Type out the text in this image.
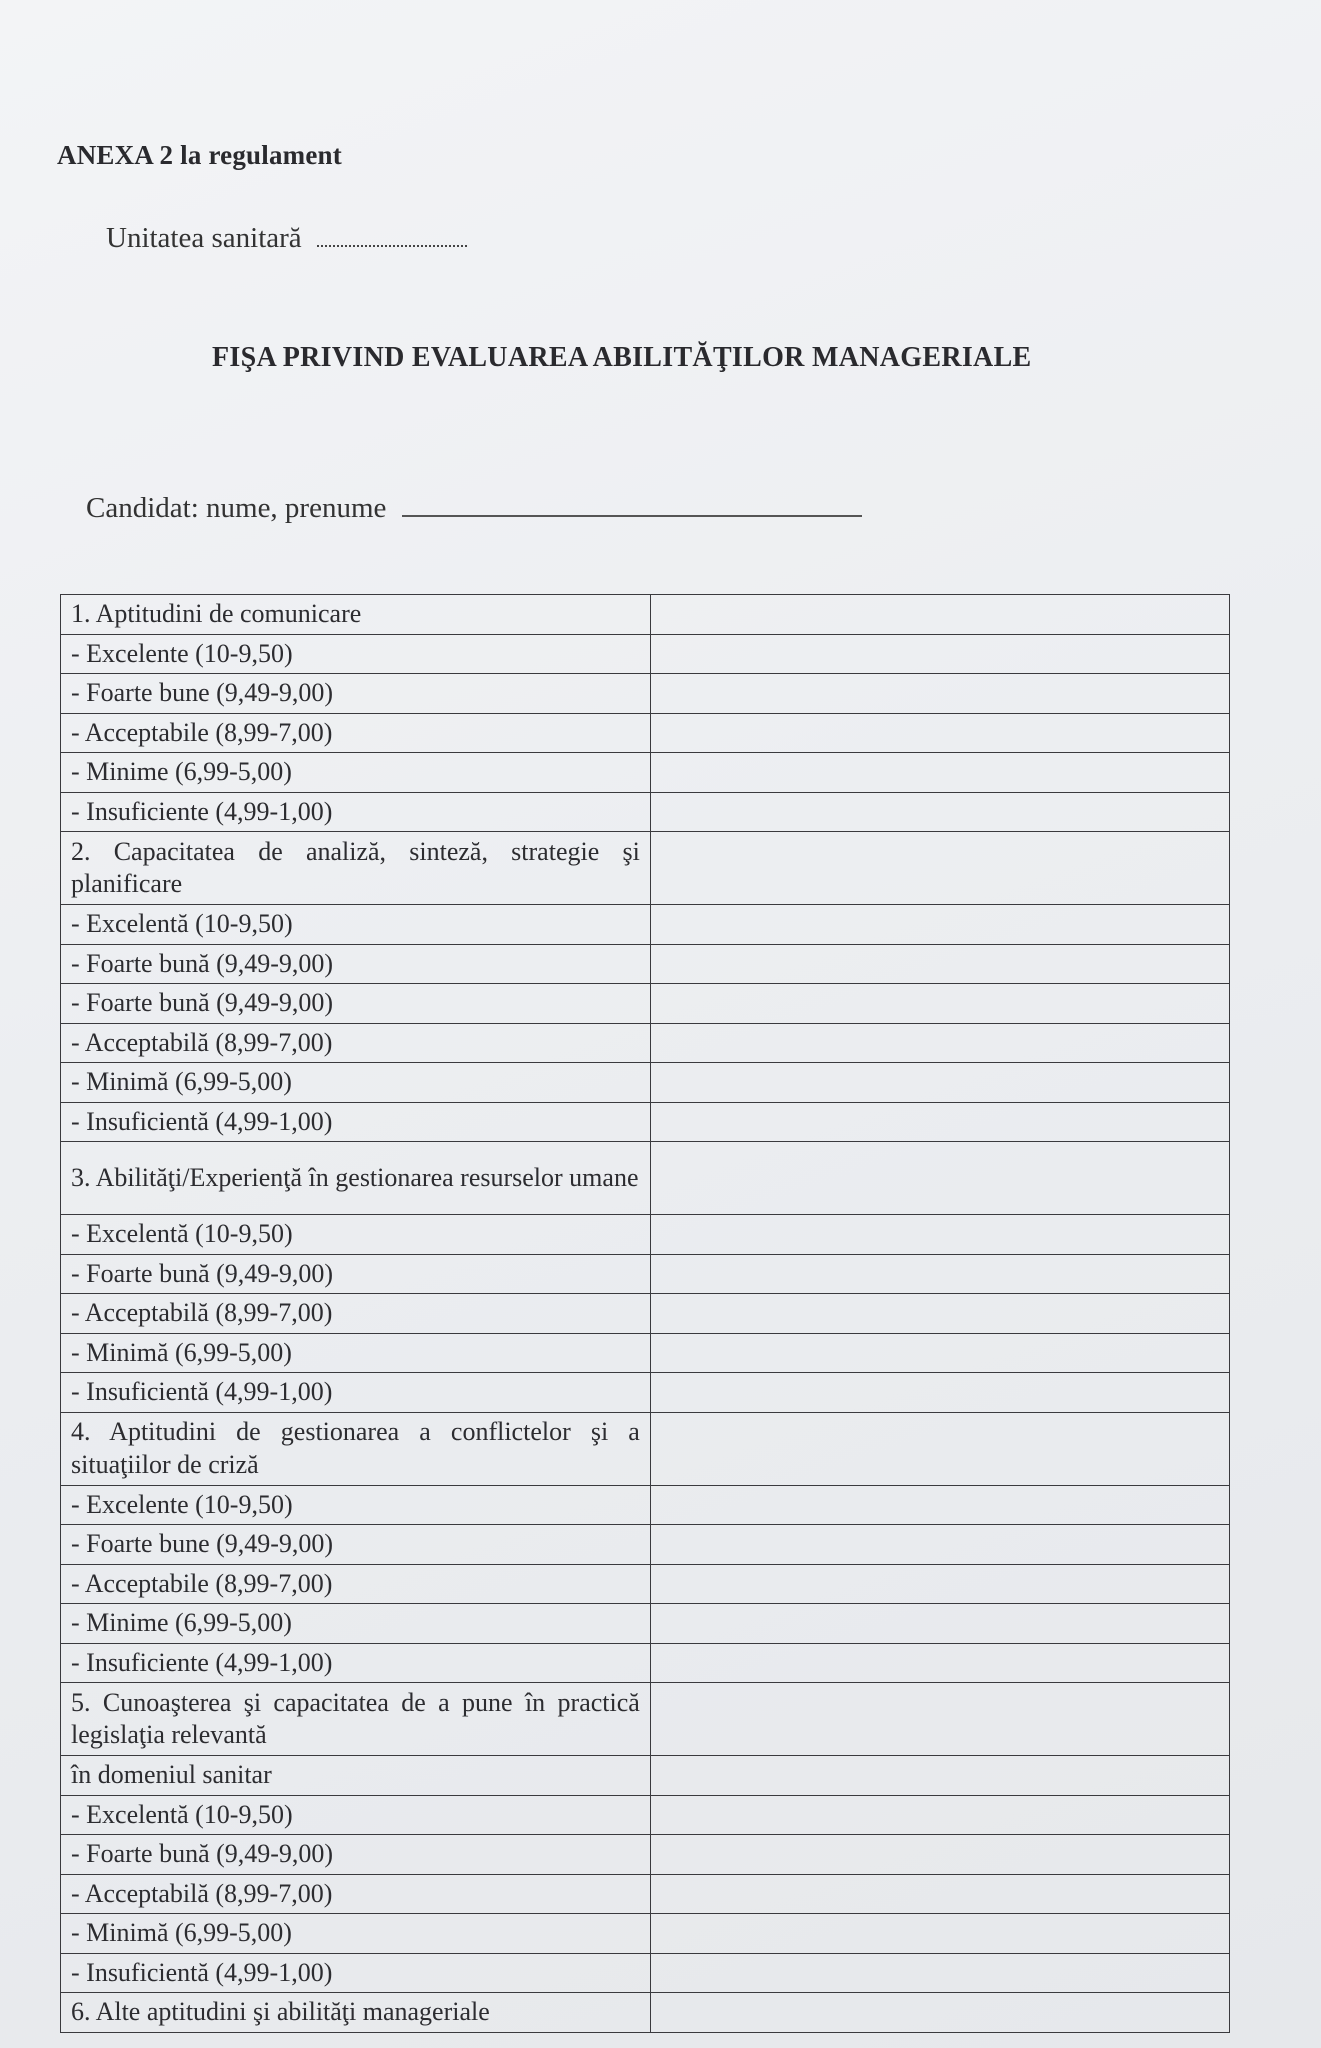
ANEXA 2 la regulament
Unitatea sanitară
FIŞA PRIVIND EVALUAREA ABILITĂŢILOR MANAGERIALE
Candidat: nume, prenume
1. Aptitudini de comunicare	
- Excelente (10-9,50)	
- Foarte bune (9,49-9,00)	
- Acceptabile (8,99-7,00)	
- Minime (6,99-5,00)	
- Insuficiente (4,99-1,00)	
2. Capacitatea de analiză, sinteză, strategie şi planificare	
- Excelentă (10-9,50)	
- Foarte bună (9,49-9,00)	
- Foarte bună (9,49-9,00)	
- Acceptabilă (8,99-7,00)	
- Minimă (6,99-5,00)	
- Insuficientă (4,99-1,00)	
3. Abilităţi/Experienţă în gestionarea resurselor umane	
- Excelentă (10-9,50)	
- Foarte bună (9,49-9,00)	
- Acceptabilă (8,99-7,00)	
- Minimă (6,99-5,00)	
- Insuficientă (4,99-1,00)	
4. Aptitudini de gestionarea a conflictelor şi a situaţiilor de criză	
- Excelente (10-9,50)	
- Foarte bune (9,49-9,00)	
- Acceptabile (8,99-7,00)	
- Minime (6,99-5,00)	
- Insuficiente (4,99-1,00)	
5. Cunoaşterea şi capacitatea de a pune în practică legislaţia relevantă	
în domeniul sanitar	
- Excelentă (10-9,50)	
- Foarte bună (9,49-9,00)	
- Acceptabilă (8,99-7,00)	
- Minimă (6,99-5,00)	
- Insuficientă (4,99-1,00)	
6. Alte aptitudini şi abilităţi manageriale	
